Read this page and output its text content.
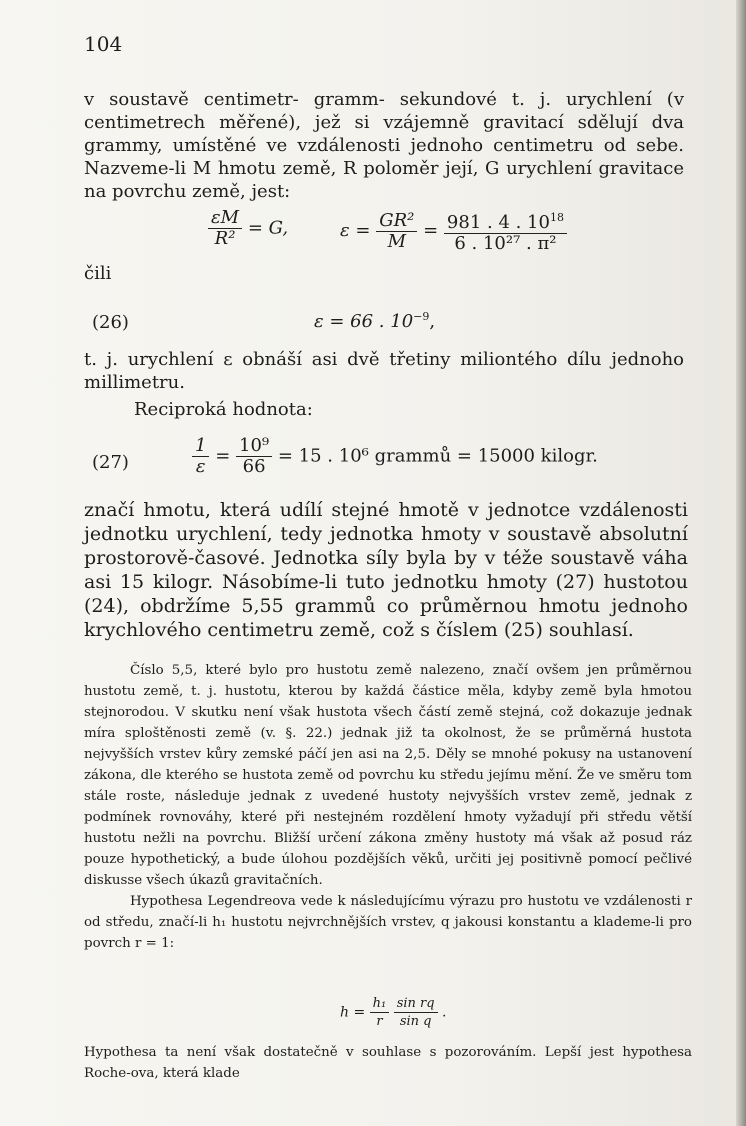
104
v soustavě centimetr- gramm- sekundové t. j. urychlení (v centimetrech měřené), jež si vzájemně gravitací sdělují dva grammy, umístěné ve vzdálenosti jednoho centimetru od sebe. Nazveme-li M hmotu země, R poloměr její, G urychlení gravitace na povrchu země, jest:
$\frac{\varepsilon M}{\text{R²}} = G$,	$\varepsilon = \frac{\text{GR²}}{M} = \frac{981 . 4 . 10^{18}}{\text{6 . 10²⁷ . π²}}$
čili
(26)	ε = 66 . $10^{-9}$,
t. j. urychlení ε obnáší asi dvě třetiny miliontého dílu jednoho millimetru.
Reciproká hodnota:
(27)	$\frac{1}{\varepsilon} = \frac{\text{10⁹}}{66} = 15$ . 10⁶ grammů = 15000 kilogr.
značí hmotu, která udílí stejné hmotě v jednotce vzdálenosti jednotku urychlení, tedy jednotka hmoty v soustavě absolutní prostorově-časové. Jednotka síly byla by v téže soustavě váha asi 15 kilogr. Násobíme-li tuto jednotku hmoty (27) hustotou (24), obdržíme 5,55 grammů co průměrnou hmotu jednoho krychlového centimetru země, což s číslem (25) souhlasí.
Číslo 5,5, které bylo pro hustotu země nalezeno, značí ovšem jen průměrnou hustotu země, t. j. hustotu, kterou by každá částice měla, kdyby země byla hmotou stejnorodou. V skutku není však hustota všech částí země stejná, což dokazuje jednak míra sploštěnosti země (v. §. 22.) jednak již ta okolnost, že se průměrná hustota nejvyšších vrstev kůry zemské páčí jen asi na 2,5. Děly se mnohé pokusy na ustanovení zákona, dle kterého se hustota země od povrchu ku středu jejímu mění. Že ve směru tom stále roste, následuje jednak z uvedené hustoty nejvyšších vrstev země, jednak z podmínek rovnováhy, které při nestejném rozdělení hmoty vyžadují při středu větší hustotu nežli na povrchu. Bližší určení zákona změny hustoty má však až posud ráz pouze hypothetický, a bude úlohou pozdějších věků, určiti jej positivně pomocí pečlivé diskusse všech úkazů gravitačních.
Hypothesa Legendreova vede k následujícímu výrazu pro hustotu ve vzdálenosti r od středu, značí-li h₁ hustotu nejvrchnějších vrstev, q jakousi konstantu a klademe-li pro povrch r = 1:
$h = \frac{\text{h₁}}{r}$
$\frac{\text{sin rq}}{\text{sin q}}$ .
Hypothesa ta není však dostatečně v souhlase s pozorováním. Lepší jest hypothesa Roche-ova, která klade
